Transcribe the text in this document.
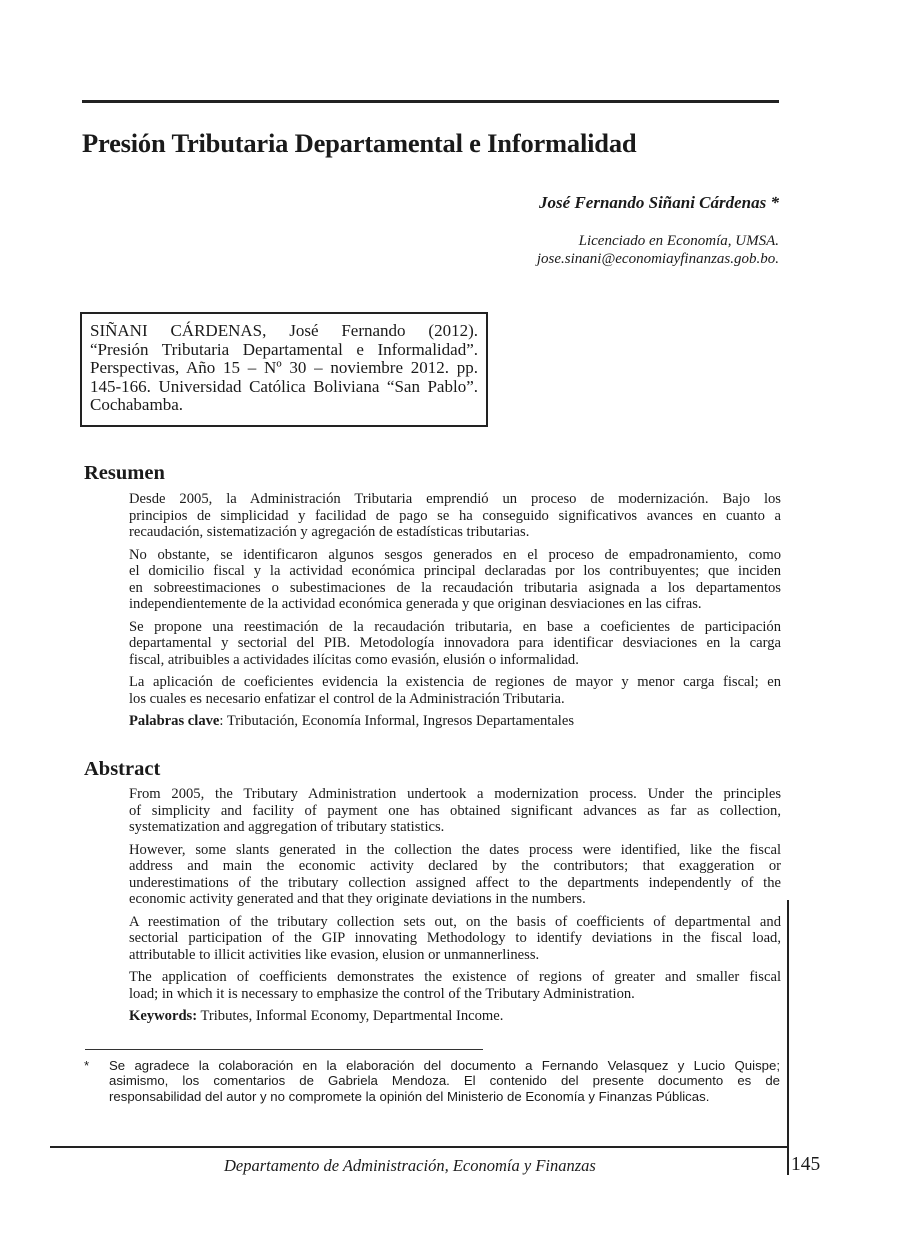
Presión Tributaria Departamental e Informalidad
José Fernando Siñani Cárdenas *
Licenciado en Economía, UMSA.
jose.sinani@economiayfinanzas.gob.bo.
SIÑANI CÁRDENAS, José Fernando (2012).
“Presión Tributaria Departamental e Informalidad”.
Perspectivas, Año 15 – Nº 30 – noviembre 2012. pp.
145-166. Universidad Católica Boliviana “San Pablo”.
Cochabamba.
Resumen

Desde 2005, la Administración Tributaria emprendió un proceso de modernización. Bajo los
principios de simplicidad y facilidad de pago se ha conseguido significativos avances en cuanto a
recaudación, sistematización y agregación de estadísticas tributarias.

No obstante, se identificaron algunos sesgos generados en el proceso de empadronamiento, como
el domicilio fiscal y la actividad económica principal declaradas por los contribuyentes; que inciden
en sobreestimaciones o subestimaciones de la recaudación tributaria asignada a los departamentos
independientemente de la actividad económica generada y que originan desviaciones en las cifras.

Se propone una reestimación de la recaudación tributaria, en base a coeficientes de participación
departamental y sectorial del PIB. Metodología innovadora para identificar desviaciones en la carga
fiscal, atribuibles a actividades ilícitas como evasión, elusión o informalidad.

La aplicación de coeficientes evidencia la existencia de regiones de mayor y menor carga fiscal; en
los cuales es necesario enfatizar el control de la Administración Tributaria.

Palabras clave: Tributación, Economía Informal, Ingresos Departamentales

Abstract

From 2005, the Tributary Administration undertook a modernization process. Under the principles
of simplicity and facility of payment one has obtained significant advances as far as collection,
systematization and aggregation of tributary statistics.

However, some slants generated in the collection the dates process were identified, like the fiscal
address and main the economic activity declared by the contributors; that exaggeration or
underestimations of the tributary collection assigned affect to the departments independently of the
economic activity generated and that they originate deviations in the numbers.

A reestimation of the tributary collection sets out, on the basis of coefficients of departmental and
sectorial participation of the GIP innovating Methodology to identify deviations in the fiscal load,
attributable to illicit activities like evasion, elusion or unmannerliness.

The application of coefficients demonstrates the existence of regions of greater and smaller fiscal
load; in which it is necessary to emphasize the control of the Tributary Administration.

Keywords: Tributes, Informal Economy, Departmental Income.

* Se agradece la colaboración en la elaboración del documento a Fernando Velasquez y Lucio Quispe;
asimismo, los comentarios de Gabriela Mendoza. El contenido del presente documento es de
responsabilidad del autor y no compromete la opinión del Ministerio de Economía y Finanzas Públicas.
Departamento de Administración, Economía y Finanzas	145
